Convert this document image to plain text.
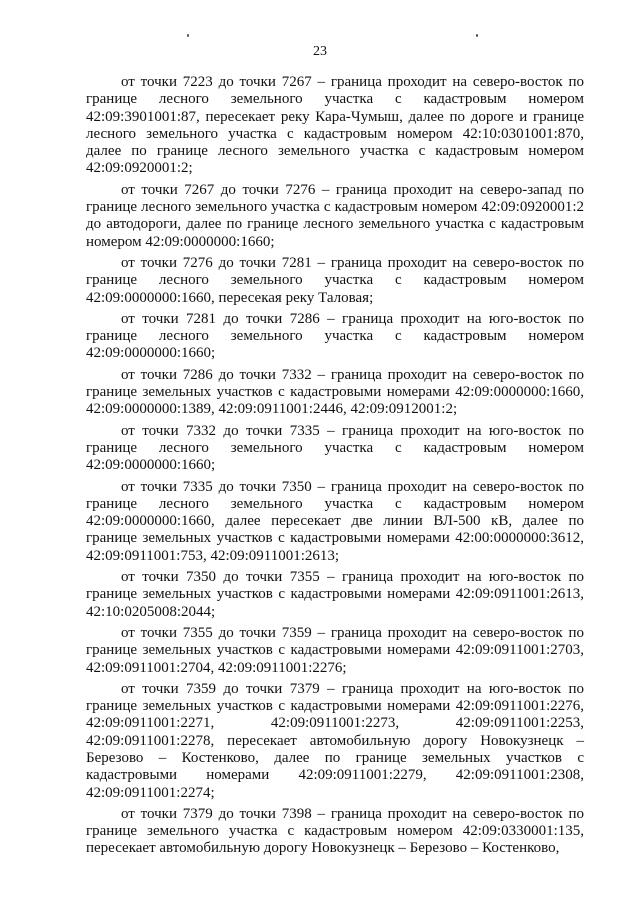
23

от точки 7223 до точки 7267 – граница проходит на северо-восток по границе лесного земельного участка с кадастровым номером 42:09:3901001:87, пересекает реку Кара-Чумыш, далее по дороге и границе лесного земельного участка с кадастровым номером 42:10:0301001:870, далее по границе лесного земельного участка с кадастровым номером 42:09:0920001:2;

от точки 7267 до точки 7276 – граница проходит на северо-запад по границе лесного земельного участка с кадастровым номером 42:09:0920001:2 до автодороги, далее по границе лесного земельного участка с кадастровым номером 42:09:0000000:1660;

от точки 7276 до точки 7281 – граница проходит на северо-восток по границе лесного земельного участка с кадастровым номером 42:09:0000000:1660, пересекая реку Таловая;

от точки 7281 до точки 7286 – граница проходит на юго-восток по границе лесного земельного участка с кадастровым номером 42:09:0000000:1660;

от точки 7286 до точки 7332 – граница проходит на северо-восток по границе земельных участков с кадастровыми номерами 42:09:0000000:1660, 42:09:0000000:1389, 42:09:0911001:2446, 42:09:0912001:2;

от точки 7332 до точки 7335 – граница проходит на юго-восток по границе лесного земельного участка с кадастровым номером 42:09:0000000:1660;

от точки 7335 до точки 7350 – граница проходит на северо-восток по границе лесного земельного участка с кадастровым номером 42:09:0000000:1660, далее пересекает две линии ВЛ-500 кВ, далее по границе земельных участков с кадастровыми номерами 42:00:0000000:3612, 42:09:0911001:753, 42:09:0911001:2613;

от точки 7350 до точки 7355 – граница проходит на юго-восток по границе земельных участков с кадастровыми номерами 42:09:0911001:2613, 42:10:0205008:2044;

от точки 7355 до точки 7359 – граница проходит на северо-восток по границе земельных участков с кадастровыми номерами 42:09:0911001:2703, 42:09:0911001:2704, 42:09:0911001:2276;

от точки 7359 до точки 7379 – граница проходит на юго-восток по границе земельных участков с кадастровыми номерами 42:09:0911001:2276, 42:09:0911001:2271, 42:09:0911001:2273, 42:09:0911001:2253, 42:09:0911001:2278, пересекает автомобильную дорогу Новокузнецк – Березово – Костенково, далее по границе земельных участков с кадастровыми номерами 42:09:0911001:2279, 42:09:0911001:2308, 42:09:0911001:2274;

от точки 7379 до точки 7398 – граница проходит на северо-восток по границе земельного участка с кадастровым номером 42:09:0330001:135, пересекает автомобильную дорогу Новокузнецк – Березово – Костенково,
